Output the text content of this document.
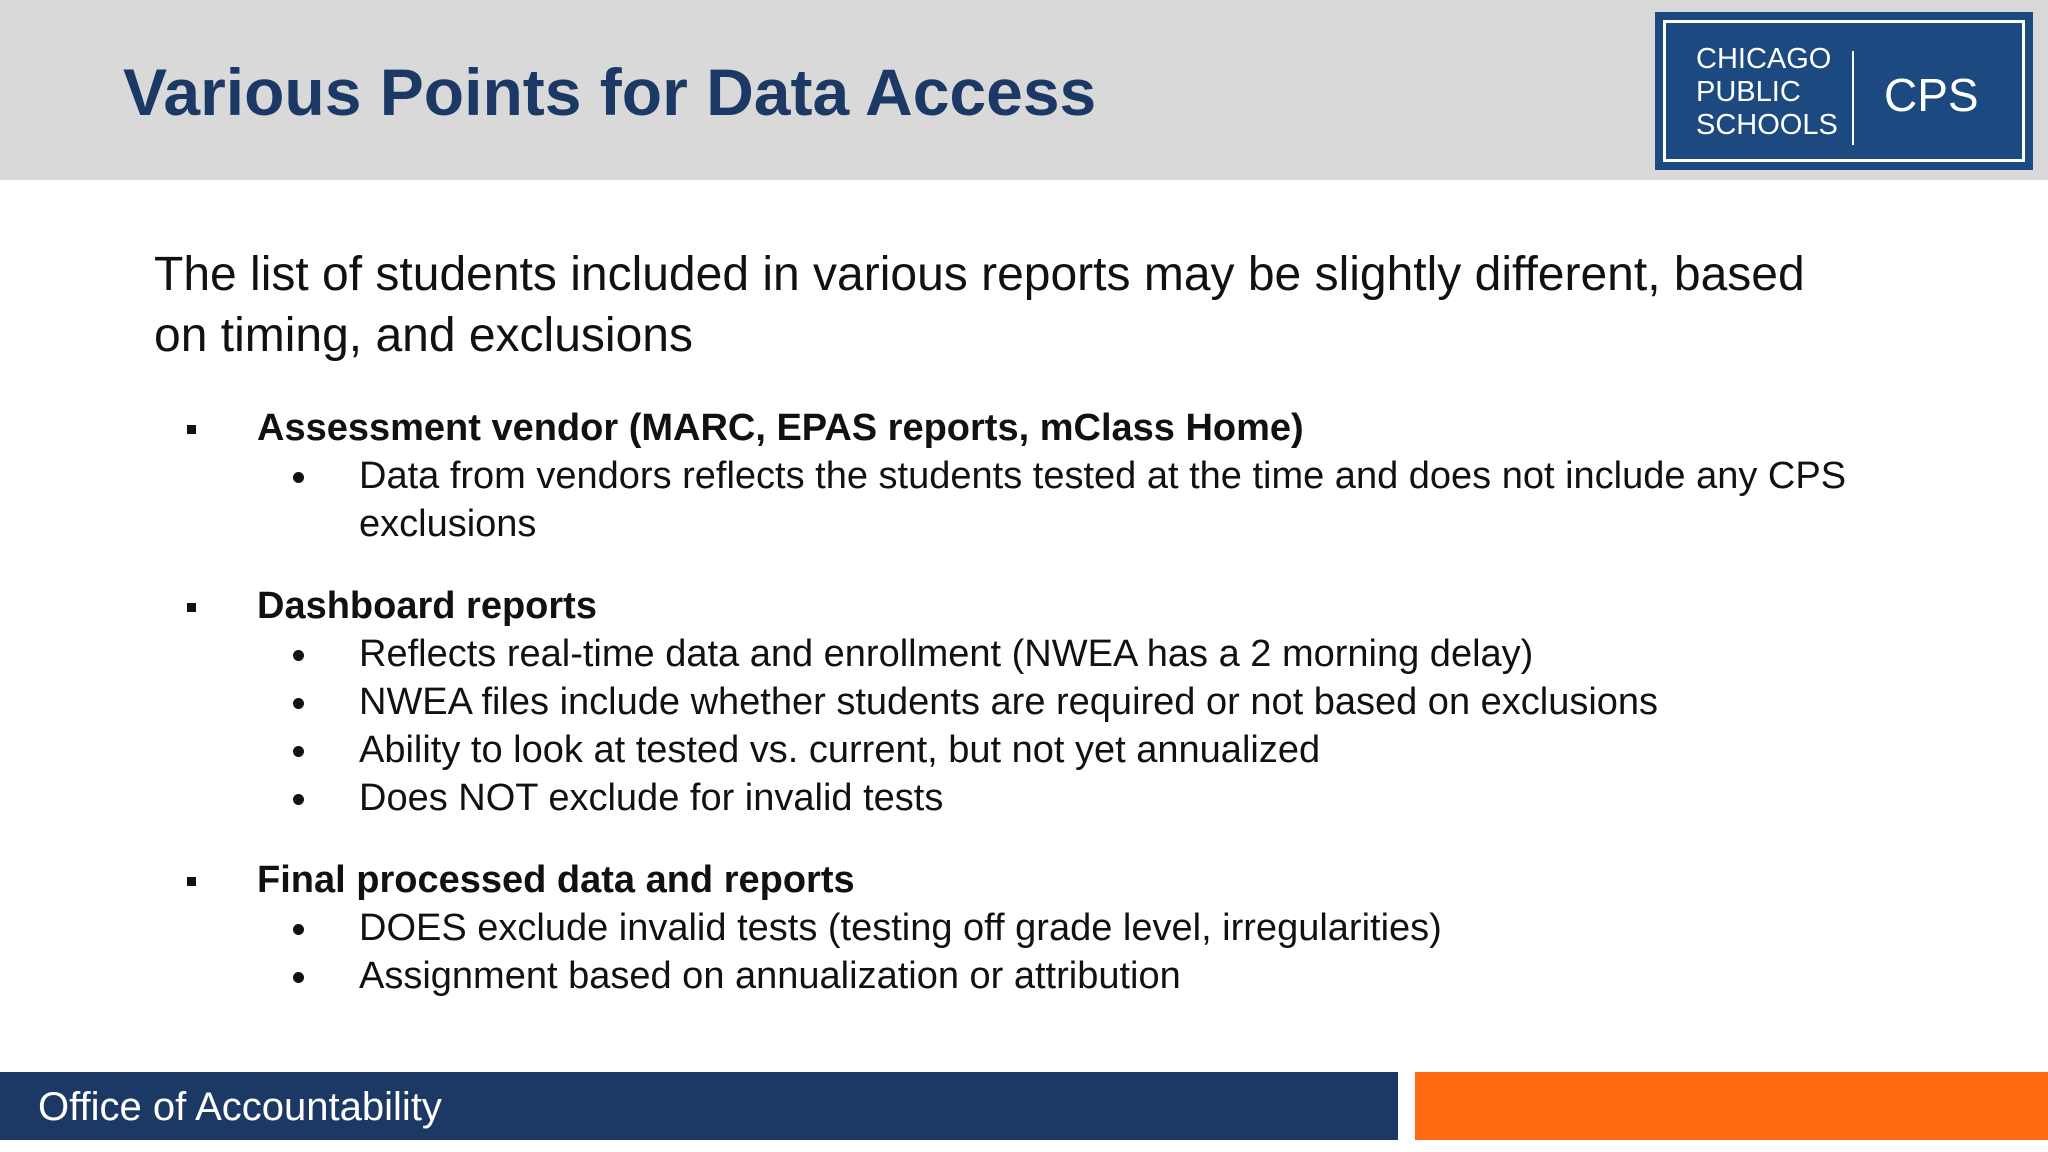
Various Points for Data Access	CHICAGO
PUBLIC
SCHOOLS
CPS
The list of students included in various reports may be slightly different, based on timing, and exclusions
Assessment vendor (MARC, EPAS reports, mClass Home)
Data from vendors reflects the students tested at the time and does not include any CPS exclusions
Dashboard reports
Reflects real-time data and enrollment (NWEA has a 2 morning delay)
NWEA files include whether students are required or not based on exclusions
Ability to look at tested vs. current, but not yet annualized
Does NOT exclude for invalid tests
Final processed data and reports
DOES exclude invalid tests (testing off grade level, irregularities)
Assignment based on annualization or attribution
Office of Accountability
